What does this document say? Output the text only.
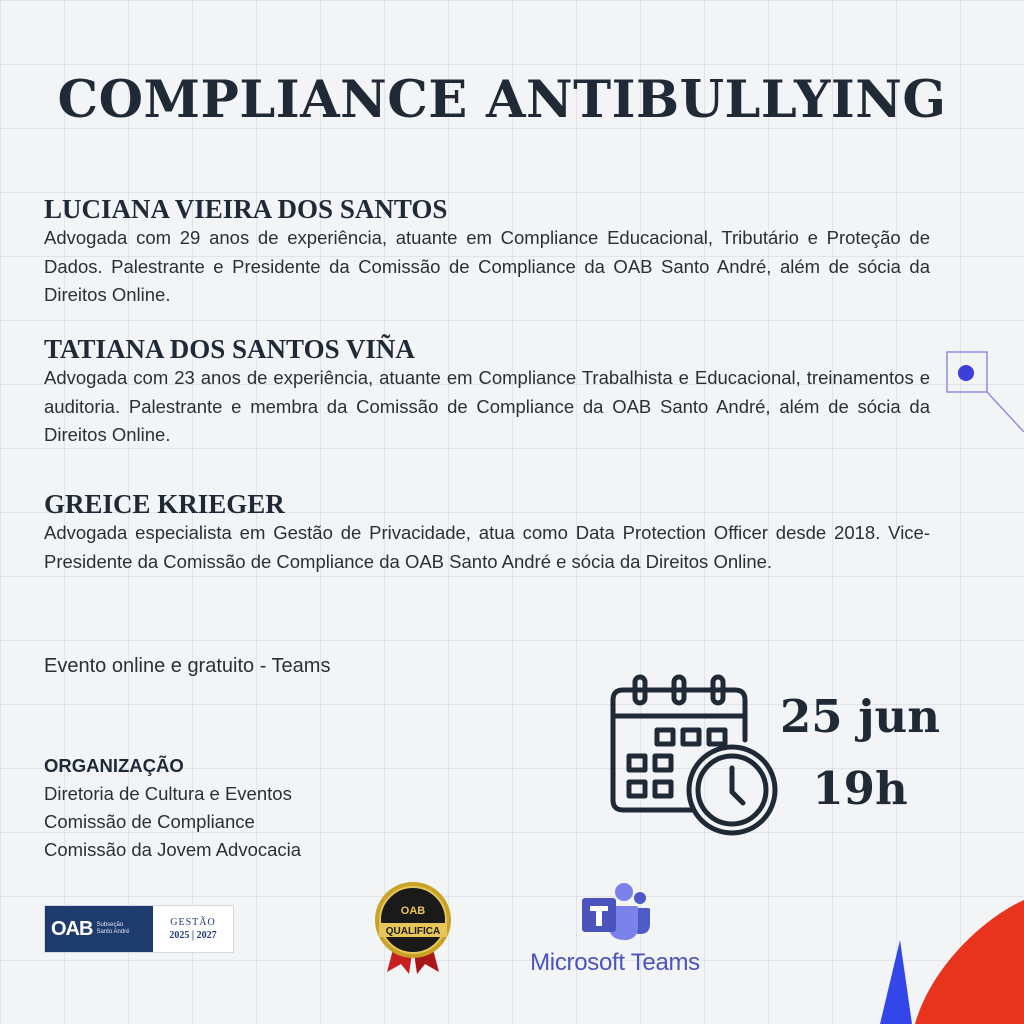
COMPLIANCE ANTIBULLYING
LUCIANA VIEIRA DOS SANTOS

Advogada com 29 anos de experiência, atuante em Compliance Educacional, Tributário e Proteção de Dados. Palestrante e Presidente da Comissão de Compliance da OAB Santo André, além de sócia da Direitos Online.

TATIANA DOS SANTOS VIÑA

Advogada com 23 anos de experiência, atuante em Compliance Trabalhista e Educacional, treinamentos e auditoria. Palestrante e membra da Comissão de Compliance da OAB Santo André, além de sócia da Direitos Online.

GREICE KRIEGER

Advogada especialista em Gestão de Privacidade, atua como Data Protection Officer desde 2018. Vice-Presidente da Comissão de Compliance da OAB Santo André e sócia da Direitos Online.

Evento online e gratuito - Teams
ORGANIZAÇÃO
Diretoria de Cultura e Eventos
Comissão de Compliance
Comissão da Jovem Advocacia
25 jun
19h
OAB Subseção
Santo André
GESTÃO
2025 | 2027
OAB
QUALIFICA
Microsoft Teams
